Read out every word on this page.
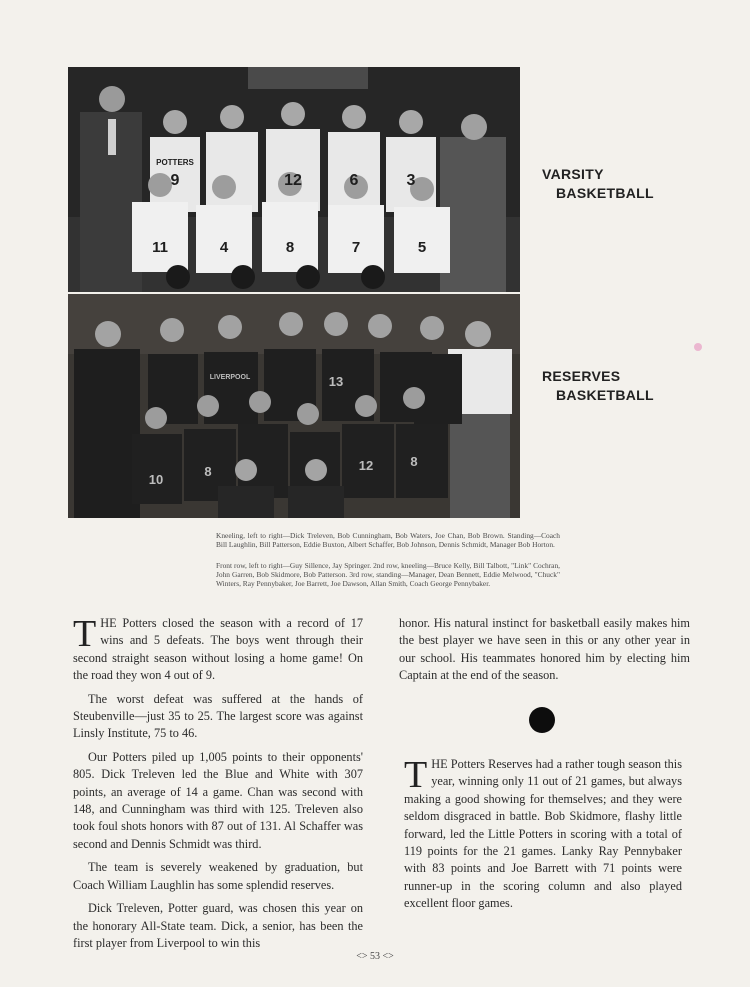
POTTERS
9	12	6	3
11	4	8	7	5
VARSITY
BASKETBALL
LIVERPOOL	13
10
8	12	8
RESERVES
BASKETBALL
Kneeling, left to right—Dick Treleven, Bob Cunningham, Bob Waters, Joe Chan, Bob Brown. Standing—Coach Bill Laughlin, Bill Patterson, Eddie Buxton, Albert Schaffer, Bob Johnson, Dennis Schmidt, Manager Bob Horton.
Front row, left to right—Guy Sillence, Jay Springer. 2nd row, kneeling—Bruce Kelly, Bill Talbott, "Link" Cochran, John Garren, Bob Skidmore, Bob Patterson. 3rd row, standing—Manager, Dean Bennett, Eddie Melwood, "Chuck" Winters, Ray Pennybaker, Joe Barrett, Joe Dawson, Allan Smith, Coach George Pennybaker.

THE Potters closed the season with a record of 17 wins and 5 defeats. The boys went through their second straight season without losing a home game! On the road they won 4 out of 9.

The worst defeat was suffered at the hands of Steubenville—just 35 to 25. The largest score was against Linsly Institute, 75 to 46.

Our Potters piled up 1,005 points to their opponents' 805. Dick Treleven led the Blue and White with 307 points, an average of 14 a game. Chan was second with 148, and Cunningham was third with 125. Treleven also took foul shots honors with 87 out of 131. Al Schaffer was second and Dennis Schmidt was third.

The team is severely weakened by graduation, but Coach William Laughlin has some splendid reserves.

Dick Treleven, Potter guard, was chosen this year on the honorary All-State team. Dick, a senior, has been the first player from Liverpool to win this

honor. His natural instinct for basketball easily makes him the best player we have seen in this or any other year in our school. His teammates honored him by electing him Captain at the end of the season.

THE Potters Reserves had a rather tough season this year, winning only 11 out of 21 games, but always making a good showing for themselves; and they were seldom disgraced in battle. Bob Skidmore, flashy little forward, led the Little Potters in scoring with a total of 119 points for the 21 games. Lanky Ray Pennybaker with 83 points and Joe Barrett with 71 points were runner-up in the scoring column and also played excellent floor games.

<> 53 <>
